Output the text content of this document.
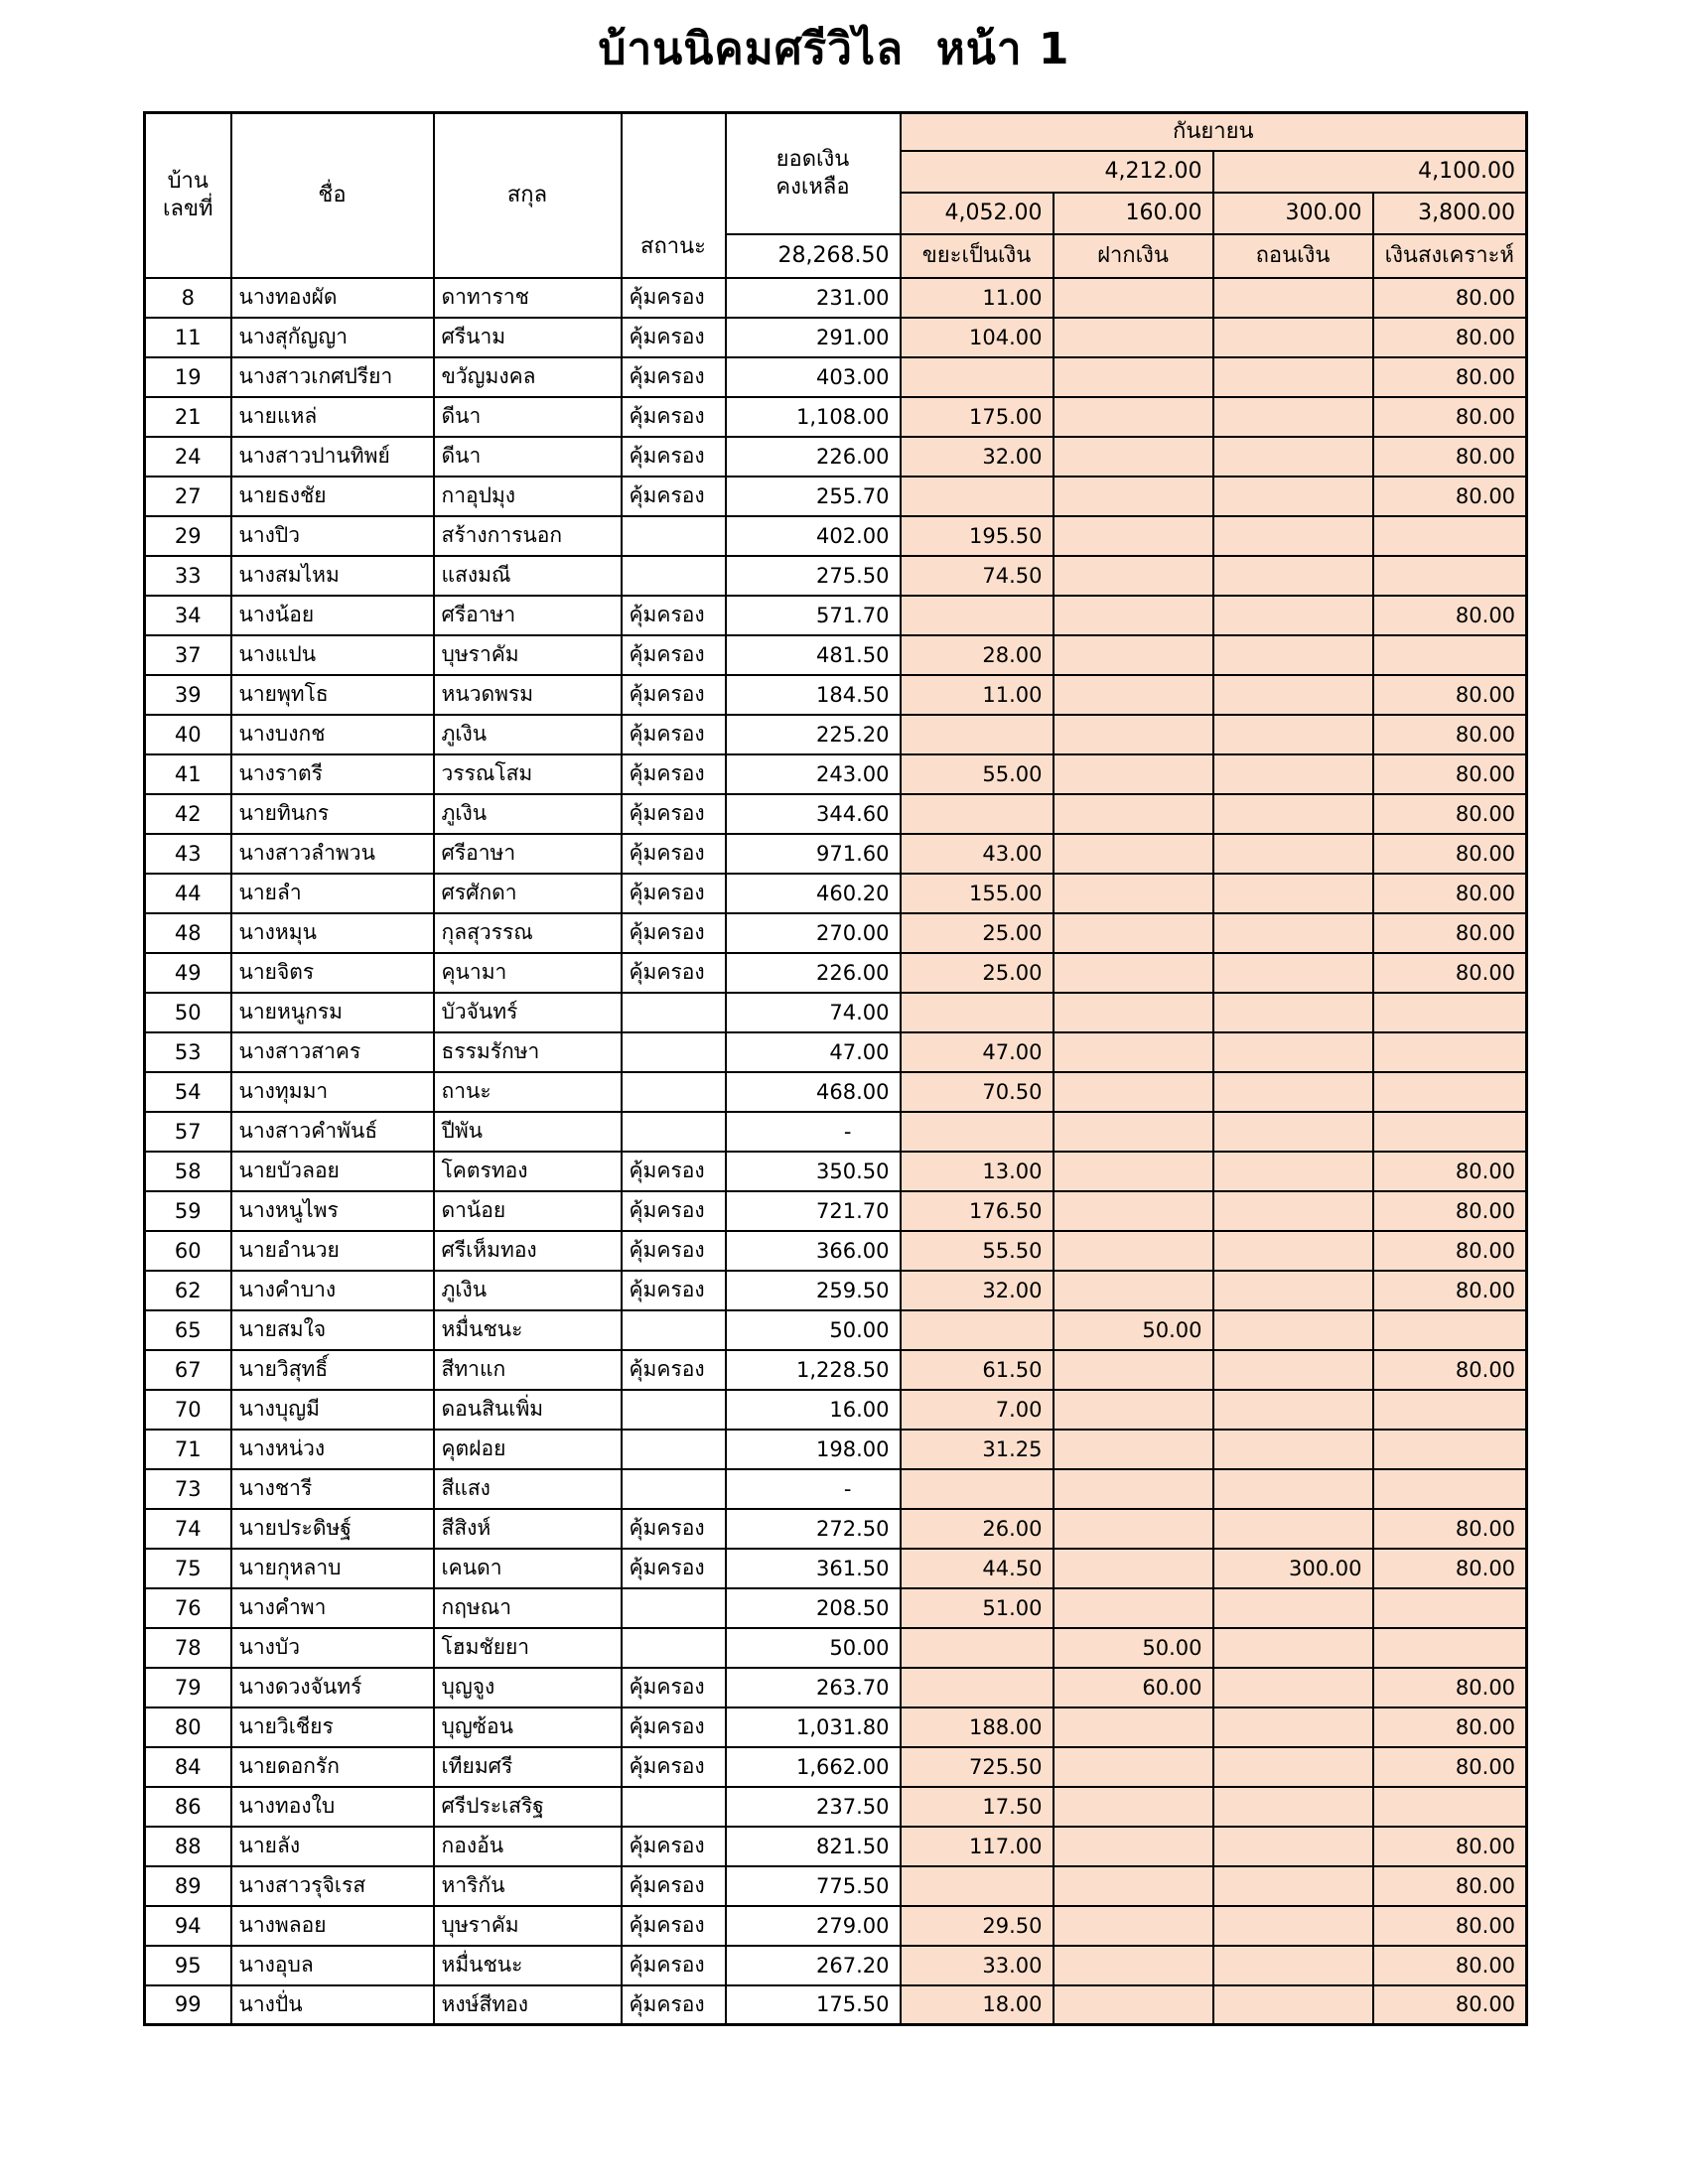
บ้านนิคมศรีวิไล  หน้า 1
บ้าน
เลขที่	ชื่อ	สกุล	สถานะ	ยอดเงิน
คงเหลือ	กันยายน			
					4,212.00		4,100.00	
					4,052.00	160.00	300.00	3,800.00
				28,268.50	ขยะเป็นเงิน	ฝากเงิน	ถอนเงิน	เงินสงเคราะห์
8	นางทองผัด	ดาทาราช	คุ้มครอง	231.00	11.00			80.00
11	นางสุกัญญา	ศรีนาม	คุ้มครอง	291.00	104.00			80.00
19	นางสาวเกศปรียา	ขวัญมงคล	คุ้มครอง	403.00				80.00
21	นายแหล่	ดีนา	คุ้มครอง	1,108.00	175.00			80.00
24	นางสาวปานทิพย์	ดีนา	คุ้มครอง	226.00	32.00			80.00
27	นายธงชัย	กาอุปมุง	คุ้มครอง	255.70				80.00
29	นางปิว	สร้างการนอก		402.00	195.50			
33	นางสมไหม	แสงมณี		275.50	74.50			
34	นางน้อย	ศรีอาษา	คุ้มครอง	571.70				80.00
37	นางแปน	บุษราคัม	คุ้มครอง	481.50	28.00			
39	นายพุทโธ	หนวดพรม	คุ้มครอง	184.50	11.00			80.00
40	นางบงกช	ภูเงิน	คุ้มครอง	225.20				80.00
41	นางราตรี	วรรณโสม	คุ้มครอง	243.00	55.00			80.00
42	นายทินกร	ภูเงิน	คุ้มครอง	344.60				80.00
43	นางสาวลำพวน	ศรีอาษา	คุ้มครอง	971.60	43.00			80.00
44	นายลำ	ศรศักดา	คุ้มครอง	460.20	155.00			80.00
48	นางหมุน	กุลสุวรรณ	คุ้มครอง	270.00	25.00			80.00
49	นายจิตร	คุนามา	คุ้มครอง	226.00	25.00			80.00
50	นายหนูกรม	บัวจันทร์		74.00				
53	นางสาวสาคร	ธรรมรักษา		47.00	47.00			
54	นางทุมมา	ถานะ		468.00	70.50			
57	นางสาวคำพันธ์	ปีพัน		-				
58	นายบัวลอย	โคตรทอง	คุ้มครอง	350.50	13.00			80.00
59	นางหนูไพร	ดาน้อย	คุ้มครอง	721.70	176.50			80.00
60	นายอำนวย	ศรีเห็มทอง	คุ้มครอง	366.00	55.50			80.00
62	นางคำบาง	ภูเงิน	คุ้มครอง	259.50	32.00			80.00
65	นายสมใจ	หมื่นชนะ		50.00		50.00		
67	นายวิสุทธิ์	สีทาแก	คุ้มครอง	1,228.50	61.50			80.00
70	นางบุญมี	ดอนสินเพิ่ม		16.00	7.00			
71	นางหน่วง	คุตฝอย		198.00	31.25			
73	นางชารี	สีแสง		-				
74	นายประดิษฐ์	สีสิงห์	คุ้มครอง	272.50	26.00			80.00
75	นายกุหลาบ	เคนดา	คุ้มครอง	361.50	44.50		300.00	80.00
76	นางคำพา	กฤษณา		208.50	51.00			
78	นางบัว	โฮมชัยยา		50.00		50.00		
79	นางดวงจันทร์	บุญจูง	คุ้มครอง	263.70		60.00		80.00
80	นายวิเชียร	บุญซ้อน	คุ้มครอง	1,031.80	188.00			80.00
84	นายดอกรัก	เทียมศรี	คุ้มครอง	1,662.00	725.50			80.00
86	นางทองใบ	ศรีประเสริฐ		237.50	17.50			
88	นายลัง	กองอ้น	คุ้มครอง	821.50	117.00			80.00
89	นางสาวรุจิเรส	หาริกัน	คุ้มครอง	775.50				80.00
94	นางพลอย	บุษราคัม	คุ้มครอง	279.00	29.50			80.00
95	นางอุบล	หมื่นชนะ	คุ้มครอง	267.20	33.00			80.00
99	นางปั่น	หงษ์สีทอง	คุ้มครอง	175.50	18.00			80.00
